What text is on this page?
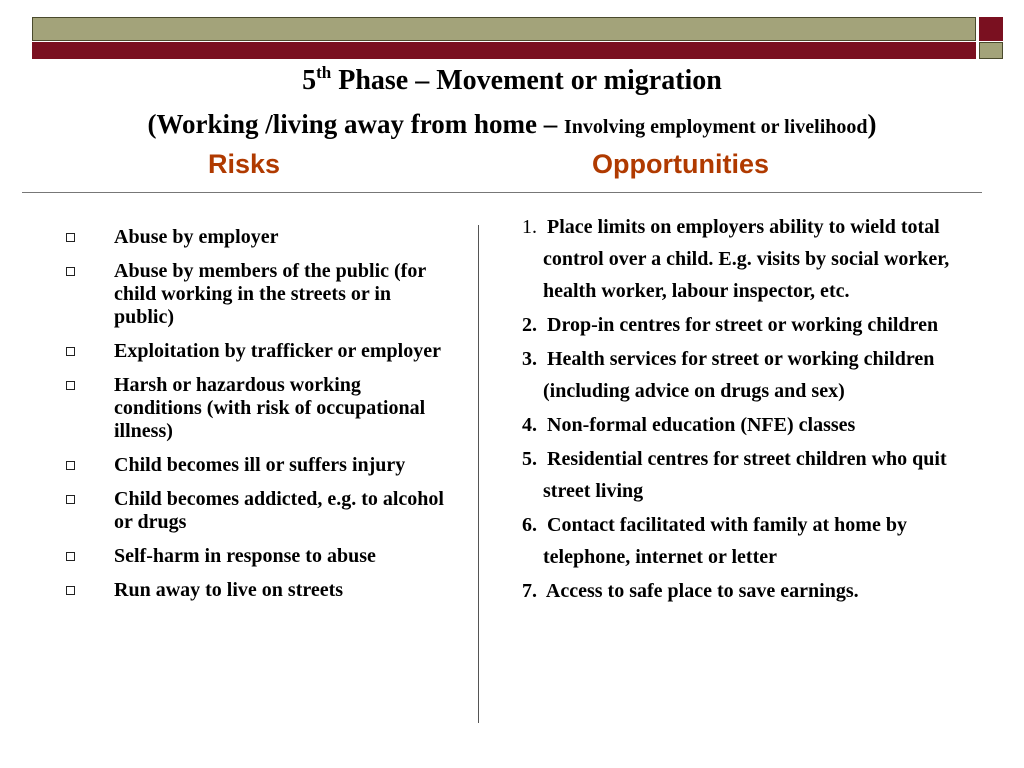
5th Phase – Movement or migration
(Working /living away from home – Involving employment or livelihood)
Risks	Opportunities
Abuse by employer
Abuse by members of the public (for child working in the streets or in public)
Exploitation by trafficker or employer
Harsh or hazardous working conditions (with risk of occupational illness)
Child becomes ill or suffers injury
Child becomes addicted, e.g. to alcohol or drugs
Self-harm in response to abuse
Run away to live on streets
1. Place limits on employers ability to wield total control over a child. E.g. visits by social worker, health worker, labour inspector, etc.
2. Drop-in centres for street or working children
3. Health services for street or working children (including advice on drugs and sex)
4. Non-formal education (NFE) classes
5. Residential centres for street children who quit street living
6. Contact facilitated with family at home by telephone, internet or letter
7. Access to safe place to save earnings.
